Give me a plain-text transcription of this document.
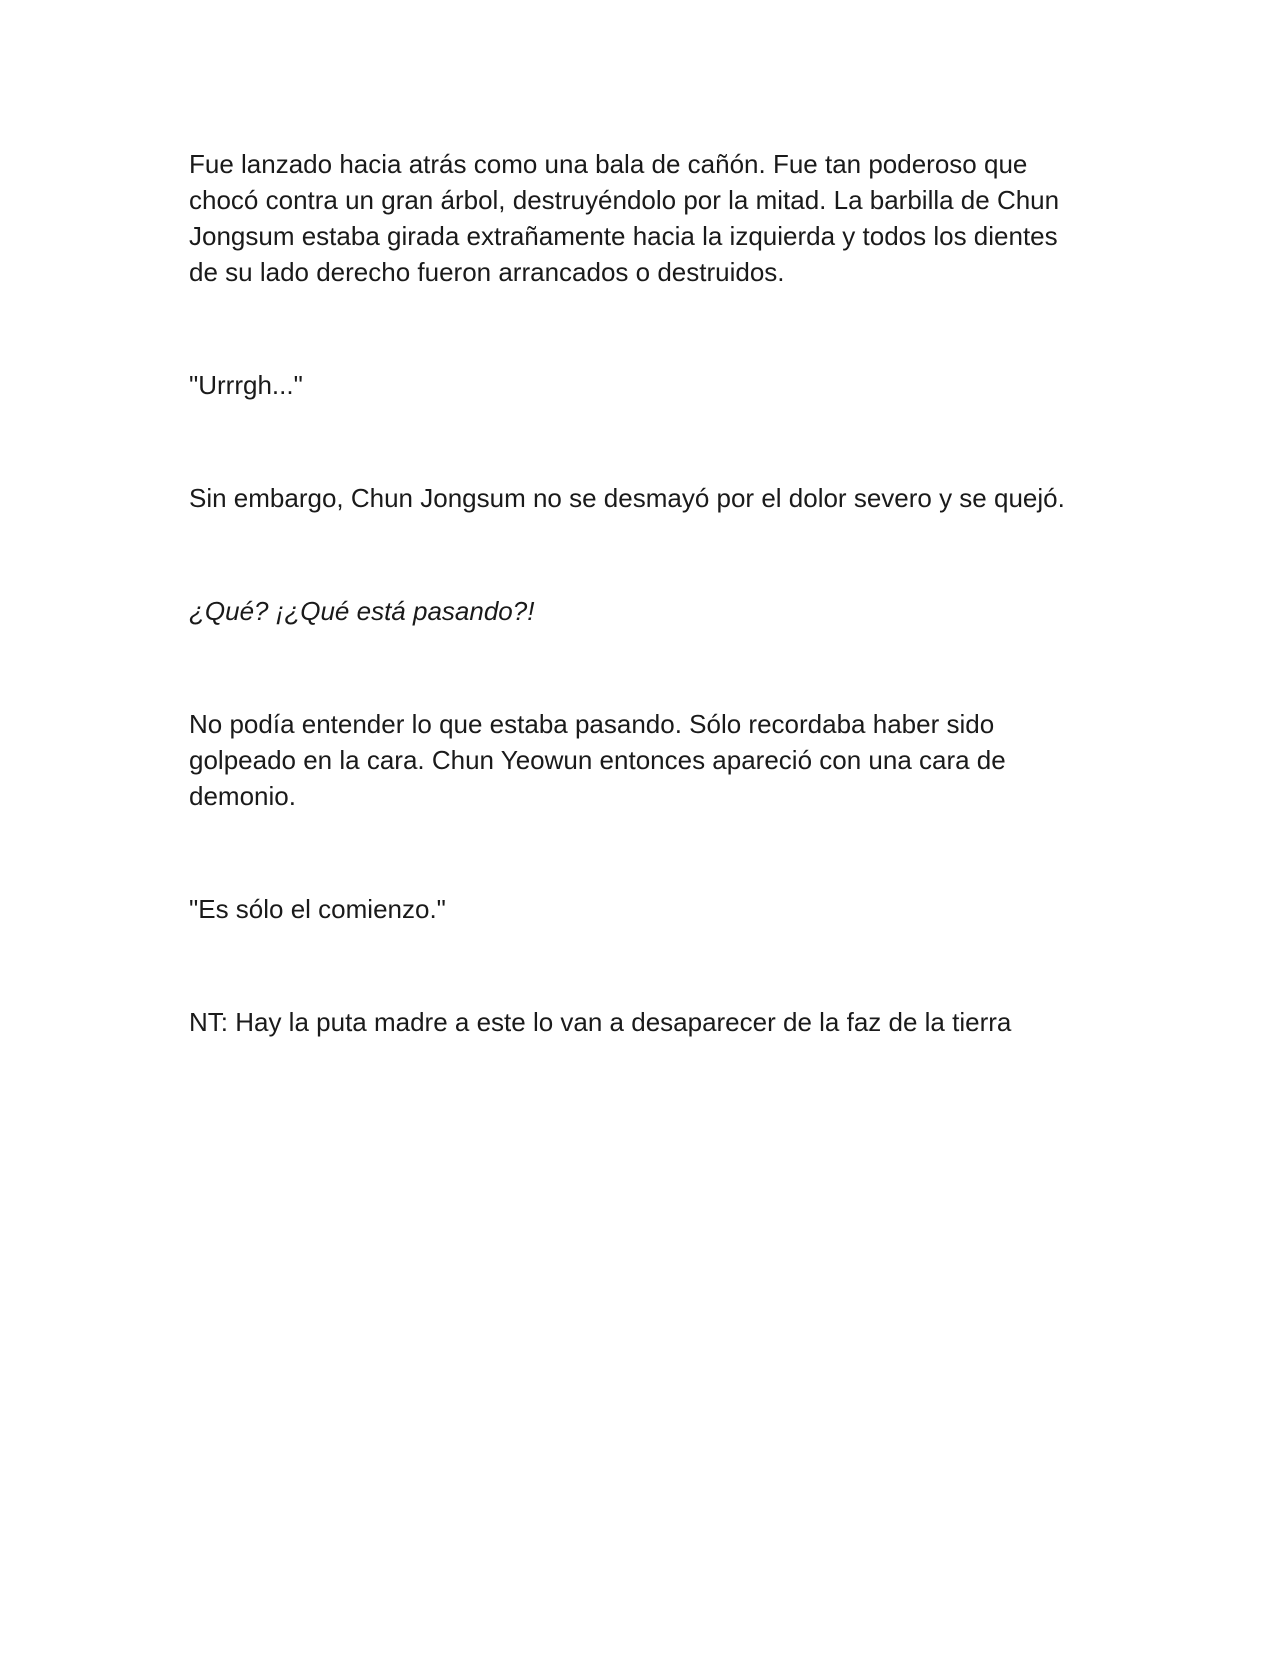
Fue lanzado hacia atrás como una bala de cañón. Fue tan poderoso que chocó contra un gran árbol, destruyéndolo por la mitad. La barbilla de Chun Jongsum estaba girada extrañamente hacia la izquierda y todos los dientes de su lado derecho fueron arrancados o destruidos.

"Urrrgh..."

Sin embargo, Chun Jongsum no se desmayó por el dolor severo y se quejó.

¿Qué? ¡¿Qué está pasando?!

No podía entender lo que estaba pasando. Sólo recordaba haber sido golpeado en la cara. Chun Yeowun entonces apareció con una cara de demonio.

"Es sólo el comienzo."

NT: Hay la puta madre a este lo van a desaparecer de la faz de la tierra
